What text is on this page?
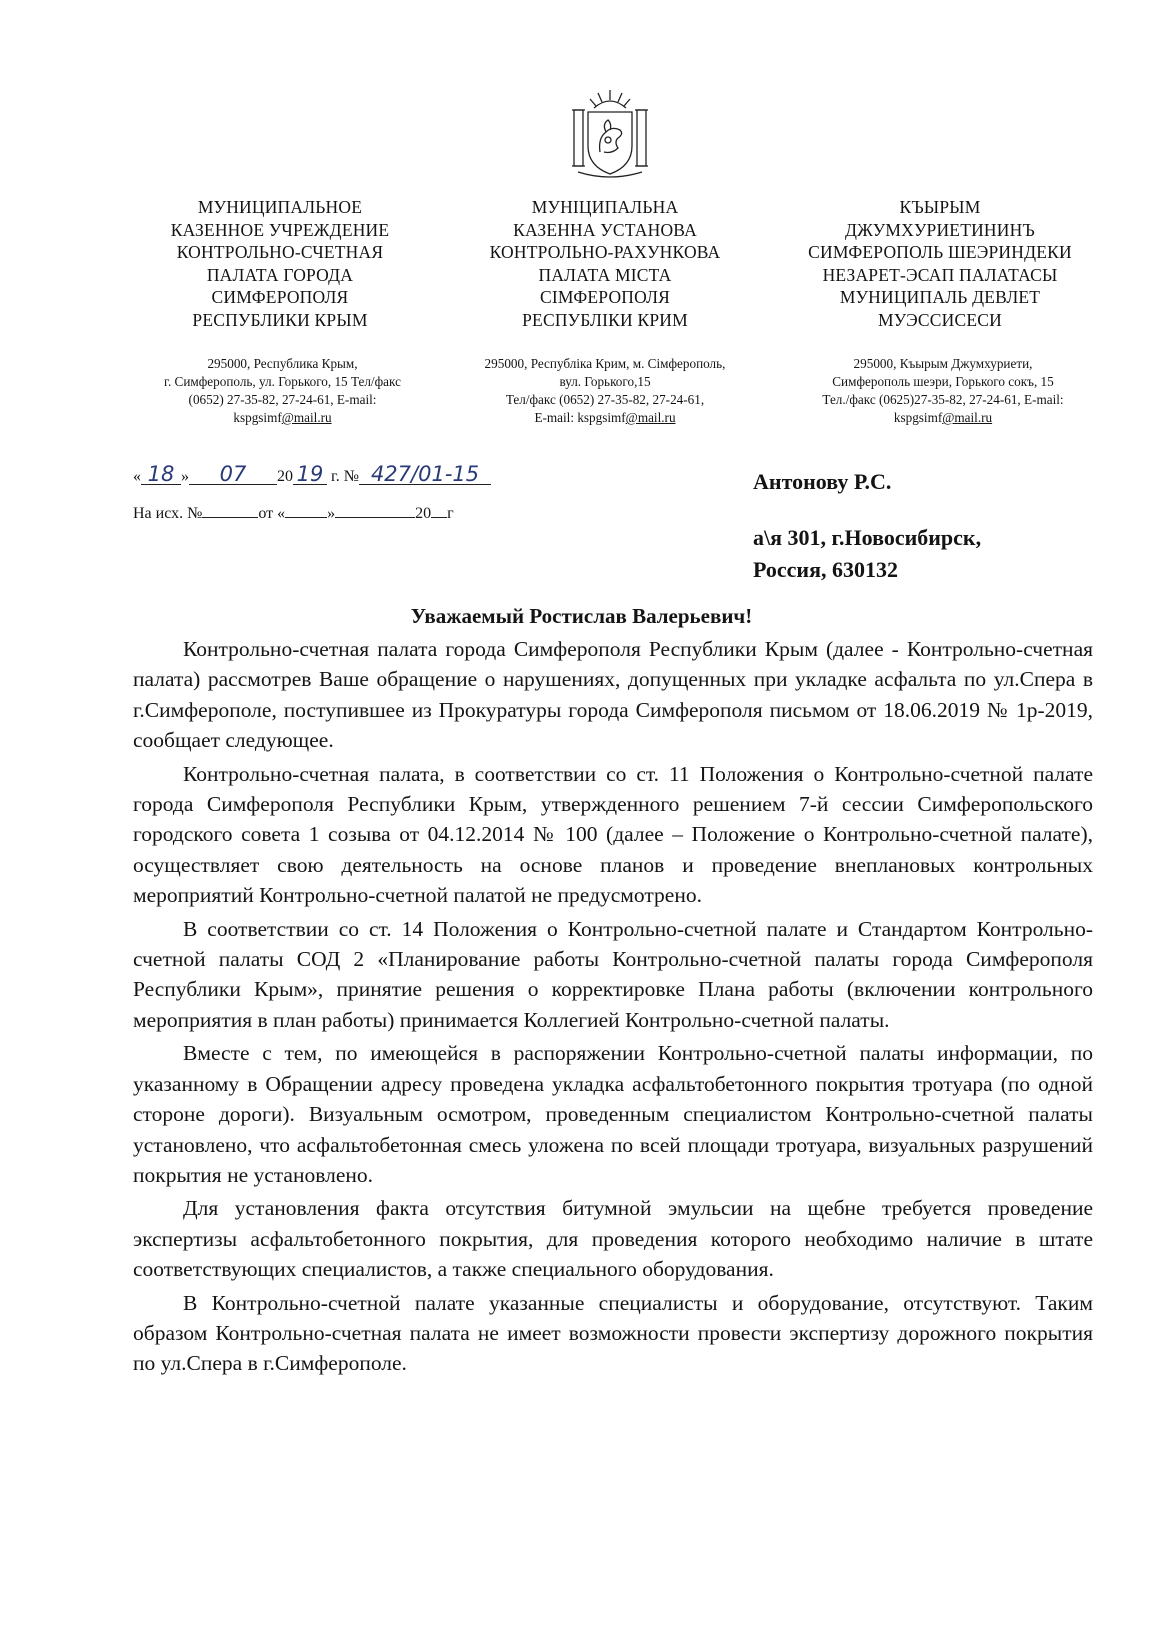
МУНИЦИПАЛЬНОЕ
КАЗЕННОЕ УЧРЕЖДЕНИЕ
КОНТРОЛЬНО-СЧЕТНАЯ
ПАЛАТА ГОРОДА
СИМФЕРОПОЛЯ
РЕСПУБЛИКИ КРЫМ
295000, Республика Крым,
г. Симферополь, ул. Горького, 15 Тел/факс
(0652) 27-35-82, 27-24-61, E-mail:
kspgsimf@mail.ru
МУНІЦИПАЛЬНА
КАЗЕННА УСТАНОВА
КОНТРОЛЬНО-РАХУНКОВА
ПАЛАТА МІСТА
СІМФЕРОПОЛЯ
РЕСПУБЛІКИ КРИМ
295000, Республіка Крим, м. Сімферополь,
вул. Горького,15
Тел/факс (0652) 27-35-82, 27-24-61,
E-mail: kspgsimf@mail.ru
КЪЫРЫМ
ДЖУМХУРИЕТИНИНЪ
СИМФЕРОПОЛЬ ШЕЭРИНДЕКИ
НЕЗАРЕТ-ЭСАП ПАЛАТАСЫ
МУНИЦИПАЛЬ ДЕВЛЕТ
МУЭССИСЕСИ
295000, Къырым Джумхуриети,
Симферополь шеэри, Горького сокъ, 15
Тел./факс (0625)27-35-82, 27-24-61, E-mail:
kspgsimf@mail.ru
« 18 » 07 20 19 г. № 427/01-15
На исх. №	от «	»	20 г
Антонову Р.С.
а\я 301, г.Новосибирск,
Россия, 630132
Уважаемый Ростислав Валерьевич!

Контрольно-счетная палата города Симферополя Республики Крым (далее - Контрольно-счетная палата) рассмотрев Ваше обращение о нарушениях, допущенных при укладке асфальта по ул.Спера в г.Симферополе, поступившее из Прокуратуры города Симферополя письмом от 18.06.2019 № 1р-2019, сообщает следующее.

Контрольно-счетная палата, в соответствии со ст. 11 Положения о Контрольно-счетной палате города Симферополя Республики Крым, утвержденного решением 7-й сессии Симферопольского городского совета 1 созыва от 04.12.2014 № 100 (далее – Положение о Контрольно-счетной палате), осуществляет свою деятельность на основе планов и проведение внеплановых контрольных мероприятий Контрольно-счетной палатой не предусмотрено.

В соответствии со ст. 14 Положения о Контрольно-счетной палате и Стандартом Контрольно-счетной палаты СОД 2 «Планирование работы Контрольно-счетной палаты города Симферополя Республики Крым», принятие решения о корректировке Плана работы (включении контрольного мероприятия в план работы) принимается Коллегией Контрольно-счетной палаты.

Вместе с тем, по имеющейся в распоряжении Контрольно-счетной палаты информации, по указанному в Обращении адресу проведена укладка асфальтобетонного покрытия тротуара (по одной стороне дороги). Визуальным осмотром, проведенным специалистом Контрольно-счетной палаты установлено, что асфальтобетонная смесь уложена по всей площади тротуара, визуальных разрушений покрытия не установлено.

Для установления факта отсутствия битумной эмульсии на щебне требуется проведение экспертизы асфальтобетонного покрытия, для проведения которого необходимо наличие в штате соответствующих специалистов, а также специального оборудования.

В Контрольно-счетной палате указанные специалисты и оборудование, отсутствуют. Таким образом Контрольно-счетная палата не имеет возможности провести экспертизу дорожного покрытия по ул.Спера в г.Симферополе.
